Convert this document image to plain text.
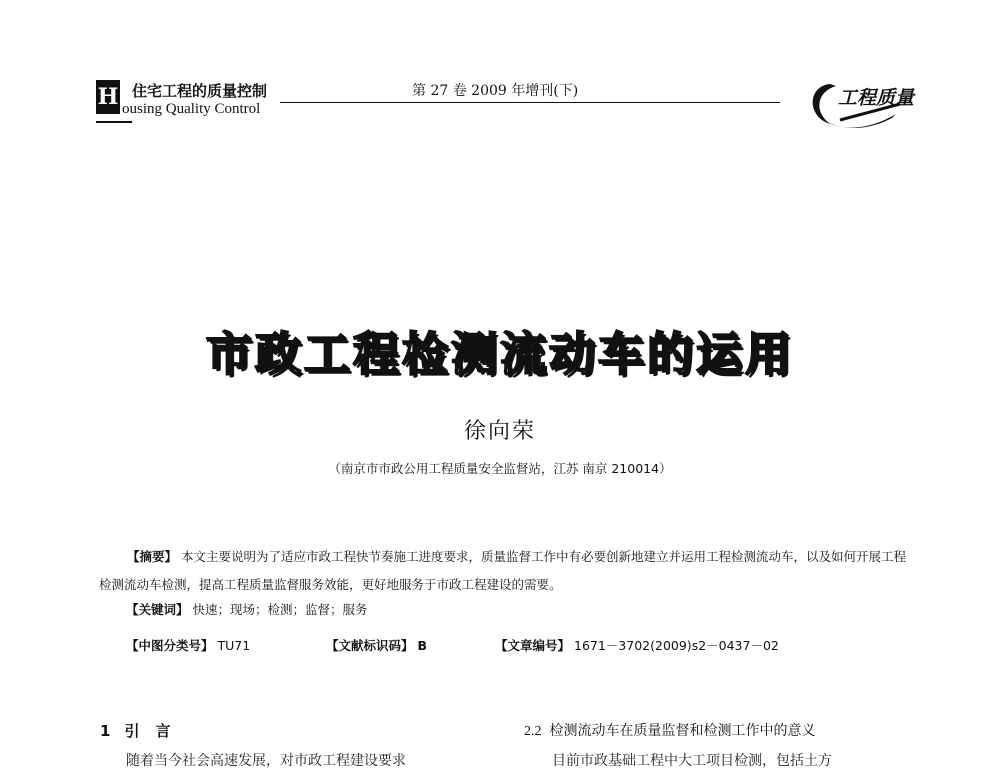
H 住宅工程的质量控制
ousing Quality Control
第 27 卷 2009 年增刊(下)	工程质量
市政工程检测流动车的运用
徐向荣
（南京市市政公用工程质量安全监督站，江苏 南京 210014）
【摘要】 本文主要说明为了适应市政工程快节奏施工进度要求，质量监督工作中有必要创新地建立并运用工程检测流动车，以及如何开展工程检测流动车检测，提高工程质量监督服务效能，更好地服务于市政工程建设的需要。
【关键词】 快速；现场；检测；监督；服务
【中图分类号】 TU71	【文献标识码】 B	【文章编号】 1671－3702(2009)s2－0437－02
1 引 言	2.2 检测流动车在质量监督和检测工作中的意义
随着当今社会高速发展，对市政工程建设要求	目前市政基础工程中大工项目检测，包括土方
